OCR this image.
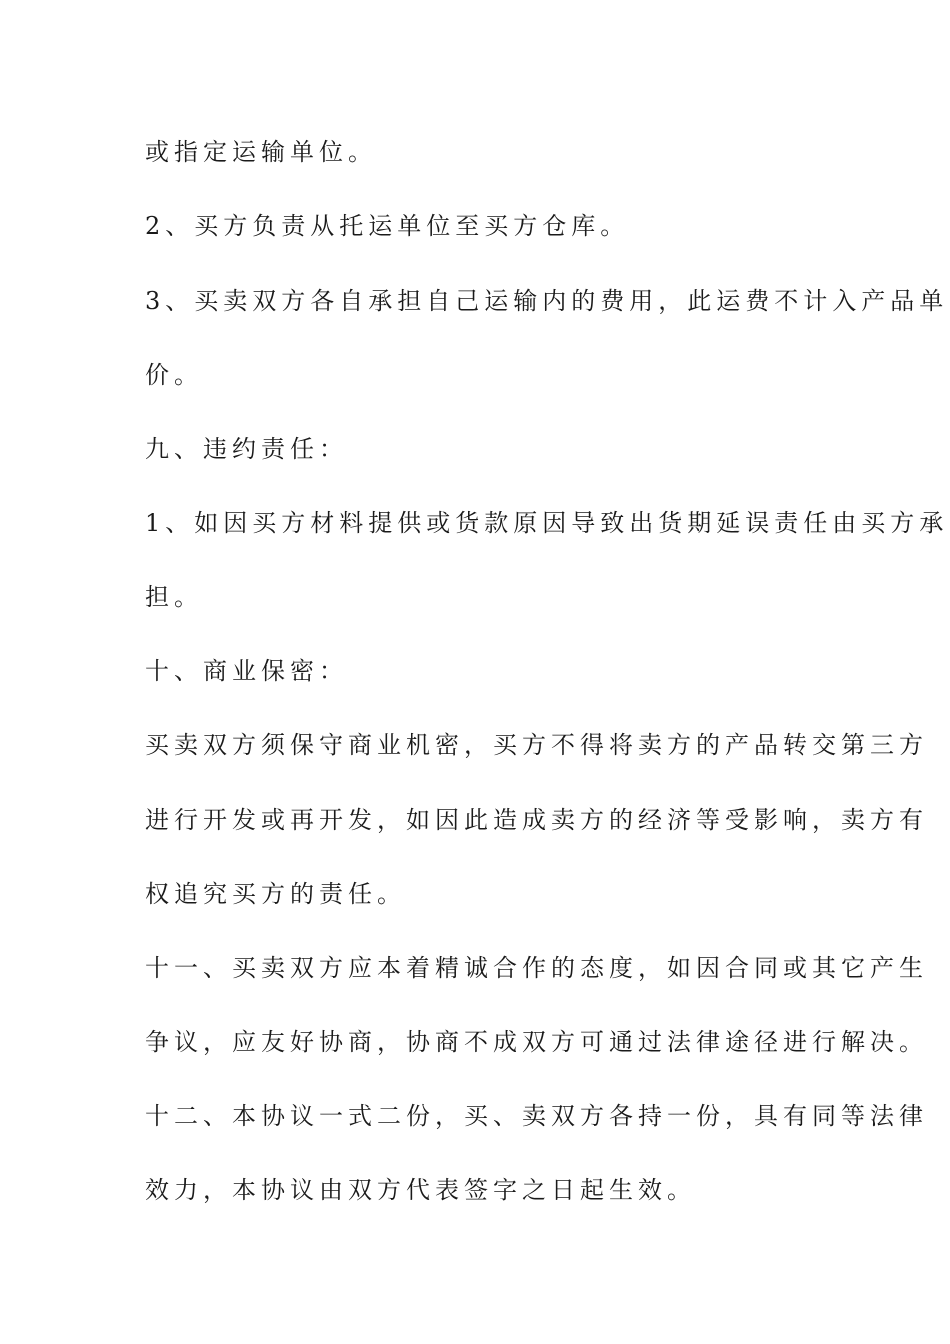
或指定运输单位。
2、买方负责从托运单位至买方仓库。
3、买卖双方各自承担自己运输内的费用，此运费不计入产品单
价。
九、违约责任：
1、如因买方材料提供或货款原因导致出货期延误责任由买方承
担。
十、商业保密：
买卖双方须保守商业机密，买方不得将卖方的产品转交第三方
进行开发或再开发，如因此造成卖方的经济等受影响，卖方有
权追究买方的责任。
十一、买卖双方应本着精诚合作的态度，如因合同或其它产生
争议，应友好协商，协商不成双方可通过法律途径进行解决。
十二、本协议一式二份，买、卖双方各持一份，具有同等法律
效力，本协议由双方代表签字之日起生效。
